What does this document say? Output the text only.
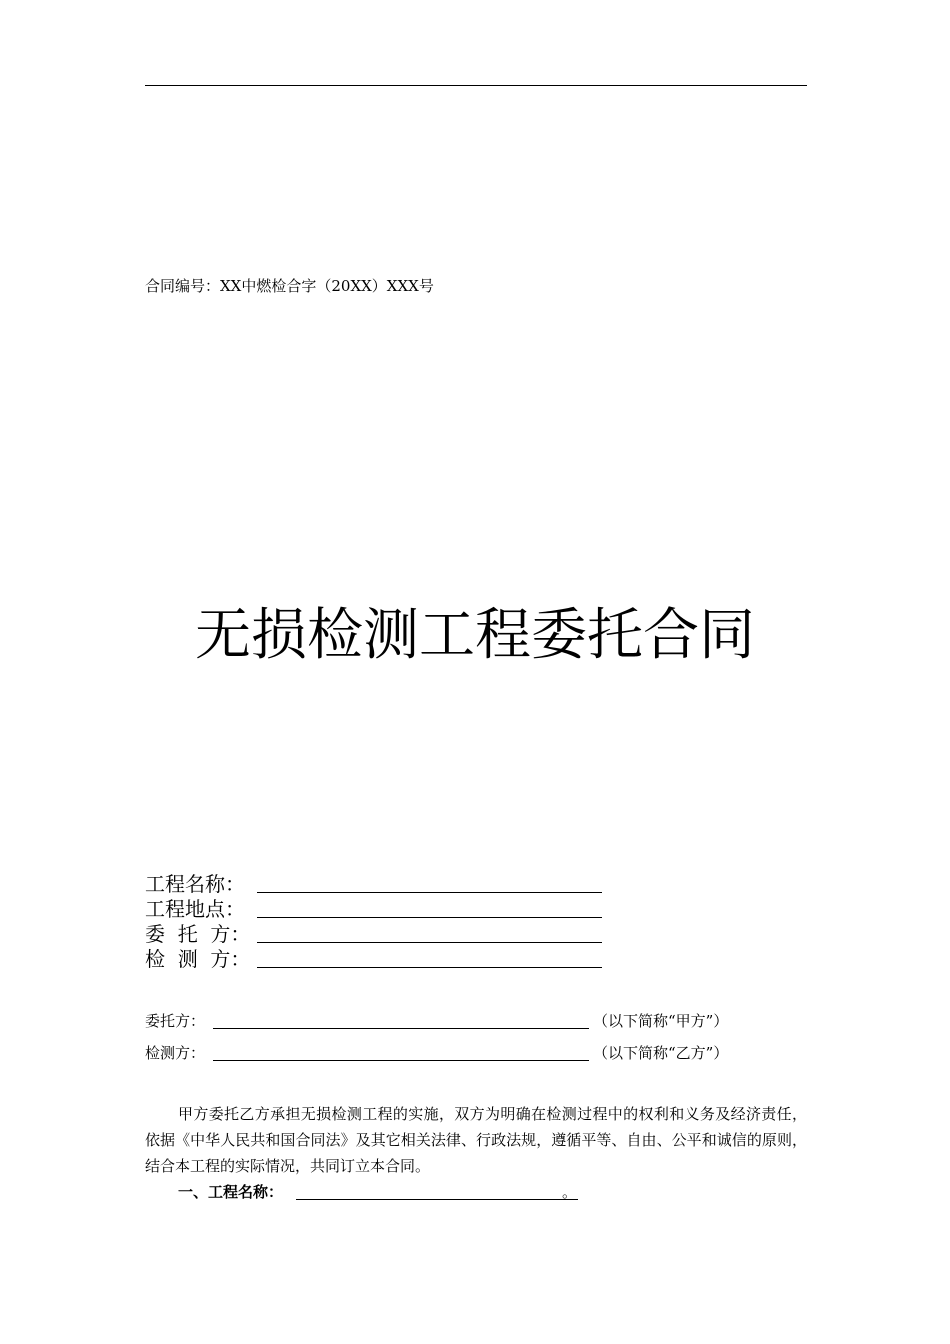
合同编号：XX中燃检合字（20XX）XXX号
无损检测工程委托合同
工程名称：
工程地点：
委  托  方：
检  测  方：
委托方：	（以下简称“甲方”）
检测方：	（以下简称“乙方”）
甲方委托乙方承担无损检测工程的实施，双方为明确在检测过程中的权利和义务及经济责任，依据《中华人民共和国合同法》及其它相关法律、行政法规，遵循平等、自由、公平和诚信的原则，结合本工程的实际情况，共同订立本合同。
一、工程名称：	。
